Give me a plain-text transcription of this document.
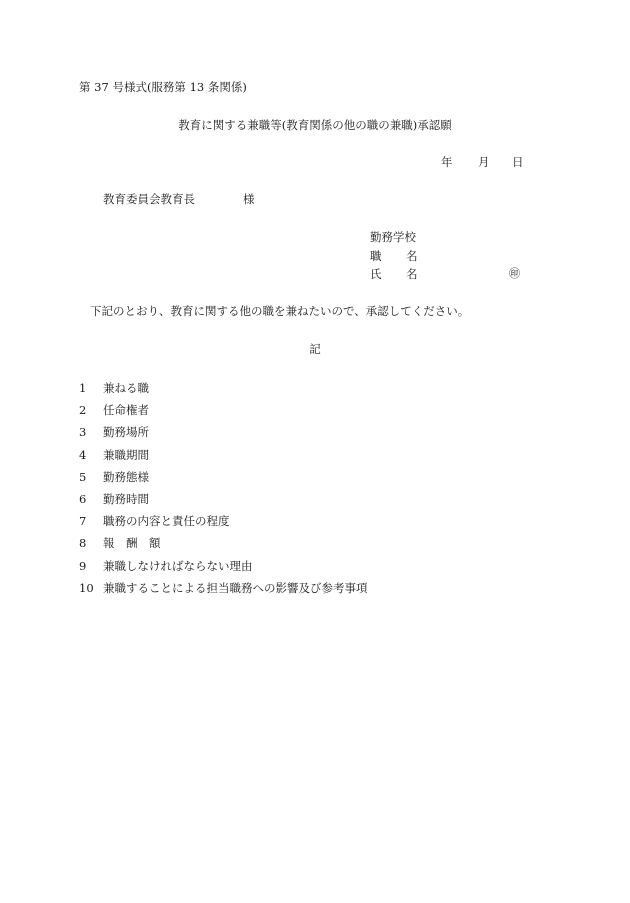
第 37 号様式(服務第 13 条関係)
教育に関する兼職等(教育関係の他の職の兼職)承認願
年 月 日
教育委員会教育長	様
勤務学校
職 名
氏 名	㊞
下記のとおり、教育に関する他の職を兼ねたいので、承認してください。
記
1 兼ねる職
2 任命権者
3 勤務場所
4 兼職期間
5 勤務態様
6 勤務時間
7 職務の内容と責任の程度
8 報　酬　額
9 兼職しなければならない理由
10 兼職することによる担当職務への影響及び参考事項
